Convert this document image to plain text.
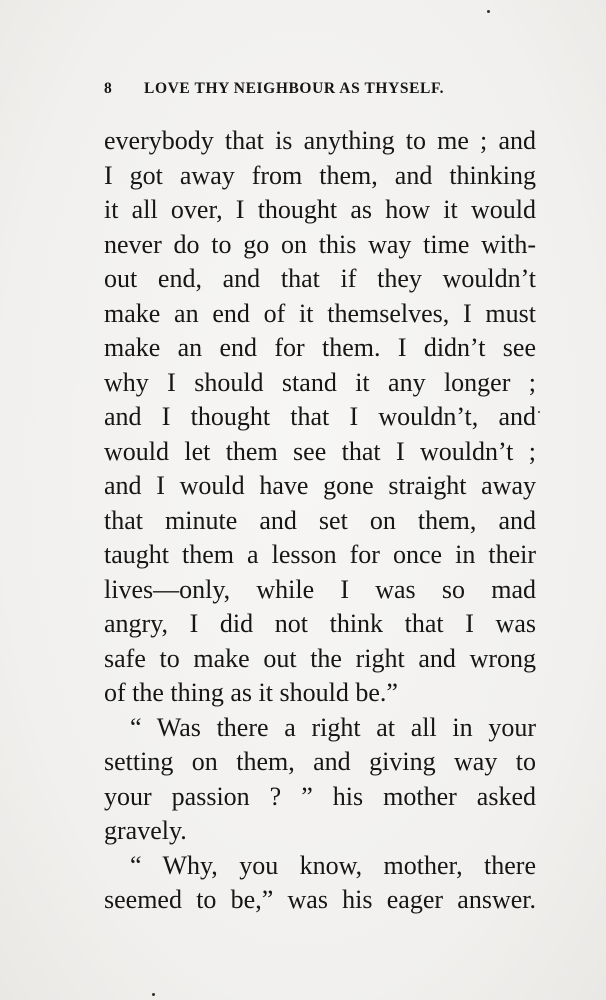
8 LOVE THY NEIGHBOUR AS THYSELF.
everybody that is anything to me ; and
I got away from them, and thinking
it all over, I thought as how it would
never do to go on this way time with-
out end, and that if they wouldn’t
make an end of it themselves, I must
make an end for them. I didn’t see
why I should stand it any longer ;
and I thought that I wouldn’t, and
would let them see that I wouldn’t ;
and I would have gone straight away
that minute and set on them, and
taught them a lesson for once in their
lives—only, while I was so mad
angry, I did not think that I was
safe to make out the right and wrong
of the thing as it should be.”
“ Was there a right at all in your
setting on them, and giving way to
your passion ? ” his mother asked
gravely.
“ Why, you know, mother, there
seemed to be,” was his eager answer.
